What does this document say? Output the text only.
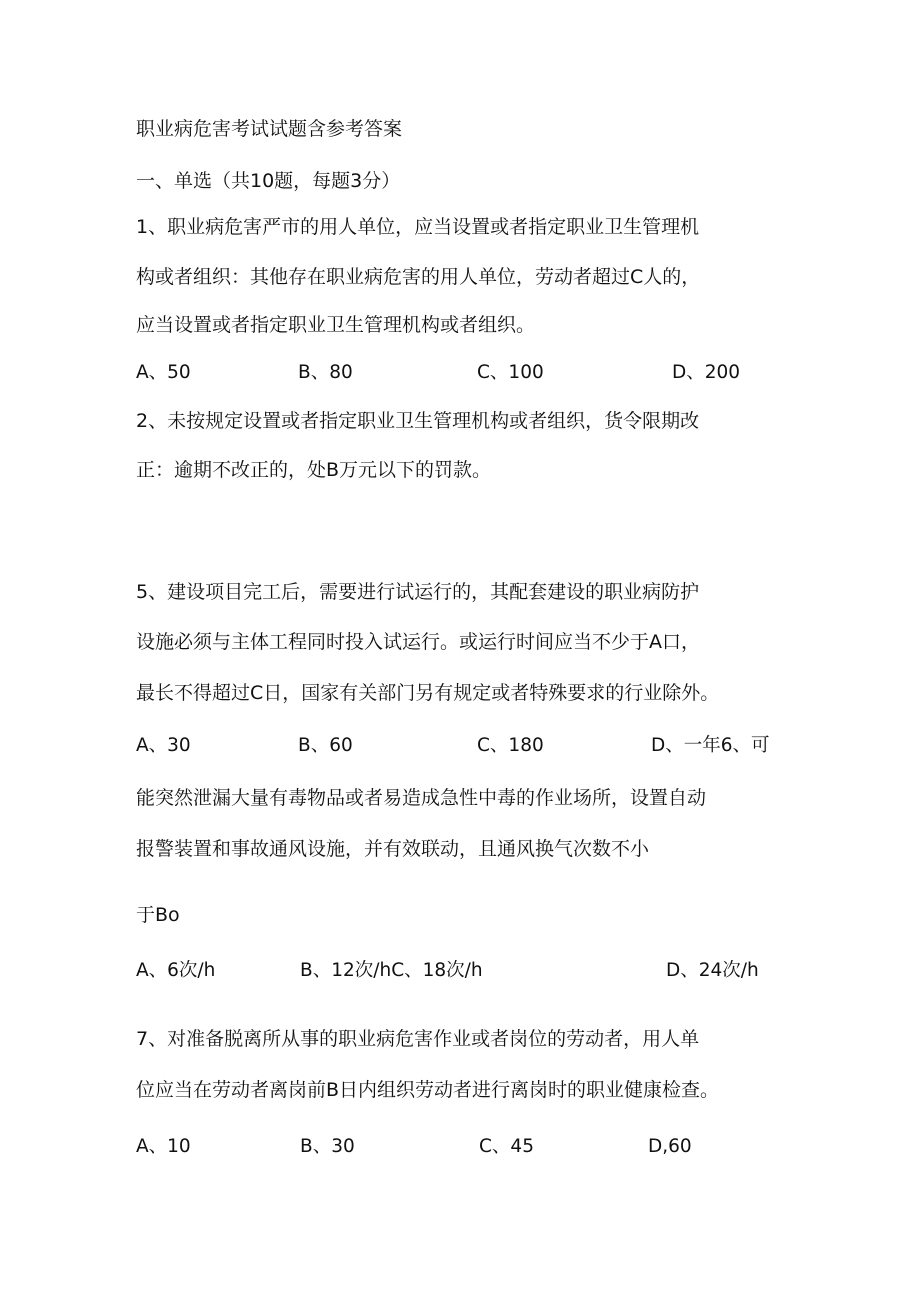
职业病危害考试试题含参考答案
一、单选（共10题，每题3分）
1、职业病危害严市的用人单位，应当设置或者指定职业卫生管理机
构或者组织：其他存在职业病危害的用人单位，劳动者超过C人的，
应当设置或者指定职业卫生管理机构或者组织。
A、50	B、80	C、100	D、200
2、未按规定设置或者指定职业卫生管理机构或者组织，货令限期改
正：逾期不改正的，处B万元以下的罚款。
5、建设项目完工后，需要进行试运行的，其配套建设的职业病防护
设施必须与主体工程同时投入试运行。或运行时间应当不少于A口，
最长不得超过C日，国家有关部门另有规定或者特殊要求的行业除外。
A、30	B、60	C、180	D、一年6、可
能突然泄漏大量有毒物品或者易造成急性中毒的作业场所，设置自动
报警装置和事故通风设施，并有效联动，且通风换气次数不小
于Bo
A、6次/h	B、12次/hC、18次/h	D、24次/h
7、对准备脱离所从事的职业病危害作业或者岗位的劳动者，用人单
位应当在劳动者离岗前B日内组织劳动者进行离岗时的职业健康检查。
A、10	B、30	C、45	D,60
